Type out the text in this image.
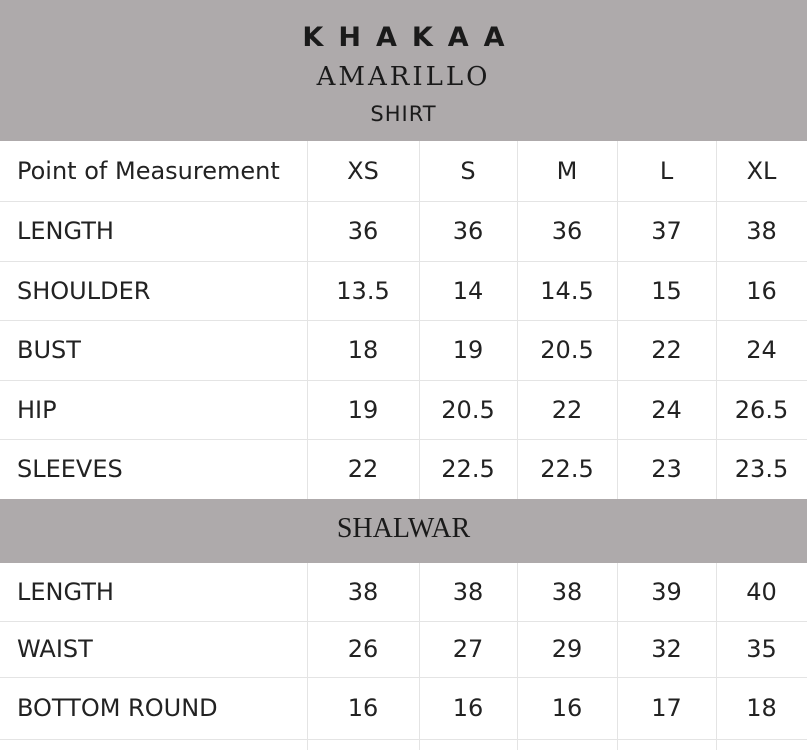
KHAKAA
AMARILLO
SHIRT
Point of Measurement	XS	S	M	L	XL
LENGTH	36	36	36	37	38
SHOULDER	13.5	14	14.5	15	16
BUST	18	19	20.5	22	24
HIP	19	20.5	22	24	26.5
SLEEVES	22	22.5	22.5	23	23.5
SHALWAR
LENGTH	38	38	38	39	40
WAIST	26	27	29	32	35
BOTTOM ROUND	16	16	16	17	18
